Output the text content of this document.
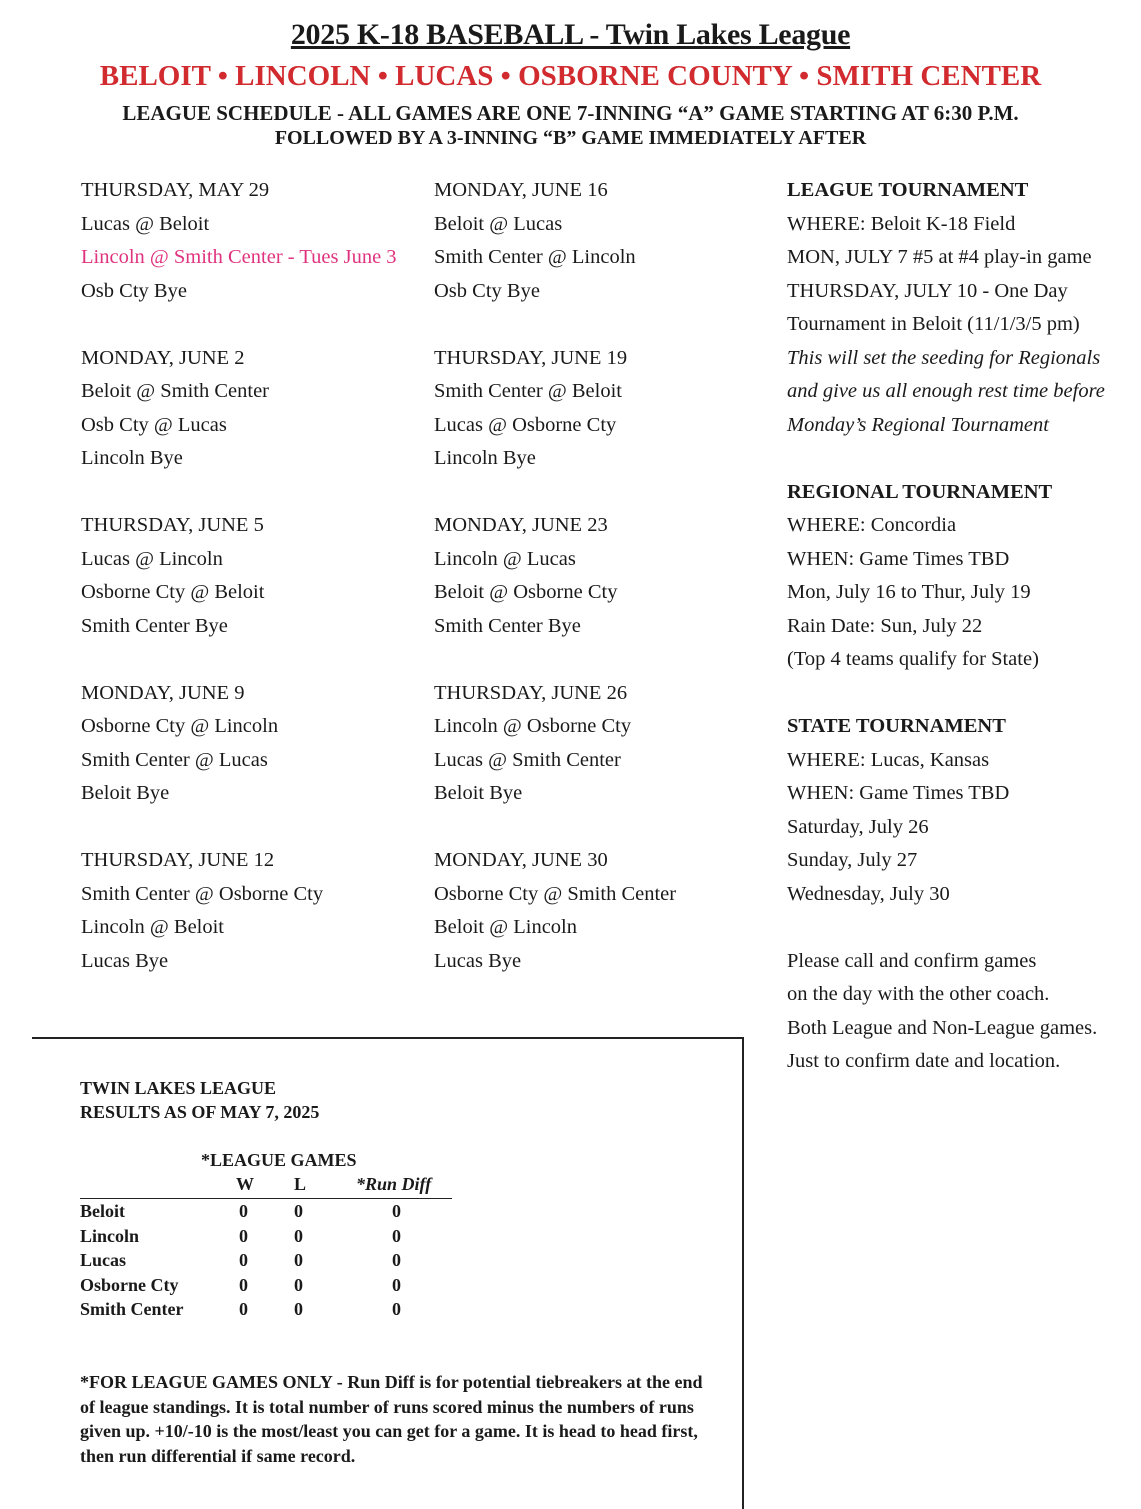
2025 K-18 BASEBALL - Twin Lakes League
BELOIT • LINCOLN • LUCAS • OSBORNE COUNTY • SMITH CENTER
LEAGUE SCHEDULE - ALL GAMES ARE ONE 7-INNING “A” GAME STARTING AT 6:30 P.M.
FOLLOWED BY A 3-INNING “B” GAME IMMEDIATELY AFTER
THURSDAY, MAY 29
Lucas @ Beloit
Lincoln @ Smith Center - Tues June 3
Osb Cty Bye
MONDAY, JUNE 2
Beloit @ Smith Center
Osb Cty @ Lucas
Lincoln Bye
THURSDAY, JUNE 5
Lucas @ Lincoln
Osborne Cty @ Beloit
Smith Center Bye
MONDAY, JUNE 9
Osborne Cty @ Lincoln
Smith Center @ Lucas
Beloit Bye
THURSDAY, JUNE 12
Smith Center @ Osborne Cty
Lincoln @ Beloit
Lucas Bye
MONDAY, JUNE 16
Beloit @ Lucas
Smith Center @ Lincoln
Osb Cty Bye
THURSDAY, JUNE 19
Smith Center @ Beloit
Lucas @ Osborne Cty
Lincoln Bye
MONDAY, JUNE 23
Lincoln @ Lucas
Beloit @ Osborne Cty
Smith Center Bye
THURSDAY, JUNE 26
Lincoln @ Osborne Cty
Lucas @ Smith Center
Beloit Bye
MONDAY, JUNE 30
Osborne Cty @ Smith Center
Beloit @ Lincoln
Lucas Bye
LEAGUE TOURNAMENT
WHERE: Beloit K-18 Field
MON, JULY 7 #5 at #4 play-in game
THURSDAY, JULY 10 - One Day
Tournament in Beloit (11/1/3/5 pm)
This will set the seeding for Regionals
and give us all enough rest time before
Monday’s Regional Tournament
REGIONAL TOURNAMENT
WHERE: Concordia
WHEN: Game Times TBD
Mon, July 16 to Thur, July 19
Rain Date: Sun, July 22
(Top 4 teams qualify for State)
STATE TOURNAMENT
WHERE: Lucas, Kansas
WHEN: Game Times TBD
Saturday, July 26
Sunday, July 27
Wednesday, July 30
Please call and confirm games
on the day with the other coach.
Both League and Non-League games.
Just to confirm date and location.
TWIN LAKES LEAGUE
RESULTS AS OF MAY 7, 2025
*LEAGUE GAMES
W L	*Run Diff
Beloit	0	0	0
Lincoln	0	0	0
Lucas	0	0	0
Osborne Cty	0	0	0
Smith Center	0	0	0
*FOR LEAGUE GAMES ONLY - Run Diff is for potential tiebreakers at the end of league standings. It is total number of runs scored minus the numbers of runs given up. +10/-10 is the most/least you can get for a game. It is head to head first, then run differential if same record.
